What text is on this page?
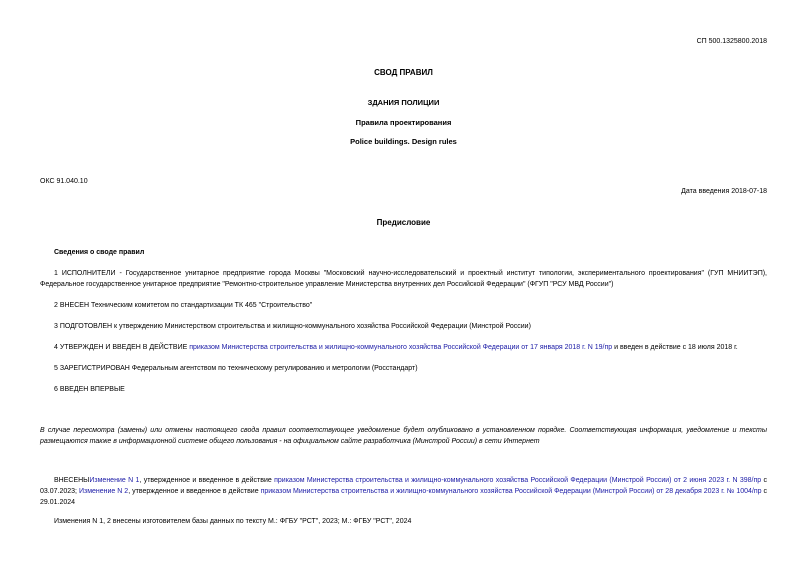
СП 500.1325800.2018
СВОД ПРАВИЛ
ЗДАНИЯ ПОЛИЦИИ
Правила проектирования
Police buildings. Design rules
ОКС 91.040.10
Дата введения 2018-07-18
Предисловие
Сведения о своде правил
1 ИСПОЛНИТЕЛИ - Государственное унитарное предприятие города Москвы "Московский научно-исследовательский и проектный институт типологии, экспериментального проектирования" (ГУП МНИИТЭП), Федеральное государственное унитарное предприятие "Ремонтно-строительное управление Министерства внутренних дел Российской Федерации" (ФГУП "РСУ МВД России")
2 ВНЕСЕН Техническим комитетом по стандартизации ТК 465 "Строительство"
3 ПОДГОТОВЛЕН к утверждению Министерством строительства и жилищно-коммунального хозяйства Российской Федерации (Минстрой России)
4 УТВЕРЖДЕН И ВВЕДЕН В ДЕЙСТВИЕ приказом Министерства строительства и жилищно-коммунального хозяйства Российской Федерации от 17 января 2018 г. N 19/пр и введен в действие с 18 июля 2018 г.
5 ЗАРЕГИСТРИРОВАН Федеральным агентством по техническому регулированию и метрологии (Росстандарт)
6 ВВЕДЕН ВПЕРВЫЕ
В случае пересмотра (замены) или отмены настоящего свода правил соответствующее уведомление будет опубликовано в установленном порядке. Соответствующая информация, уведомление и тексты размещаются также в информационной системе общего пользования - на официальном сайте разработчика (Минстрой России) в сети Интернет
ВНЕСЕНЫИзменение N 1, утвержденное и введенное в действие приказом Министерства строительства и жилищно-коммунального хозяйства Российской Федерации (Минстрой России) от 2 июня 2023 г. N 398/пр с 03.07.2023; Изменение N 2, утвержденное и введенное в действие приказом Министерства строительства и жилищно-коммунального хозяйства Российской Федерации (Минстрой России) от 28 декабря 2023 г. № 1004/пр с 29.01.2024
Изменения N 1, 2 внесены изготовителем базы данных по тексту М.: ФГБУ "РСТ", 2023; М.: ФГБУ "РСТ", 2024
